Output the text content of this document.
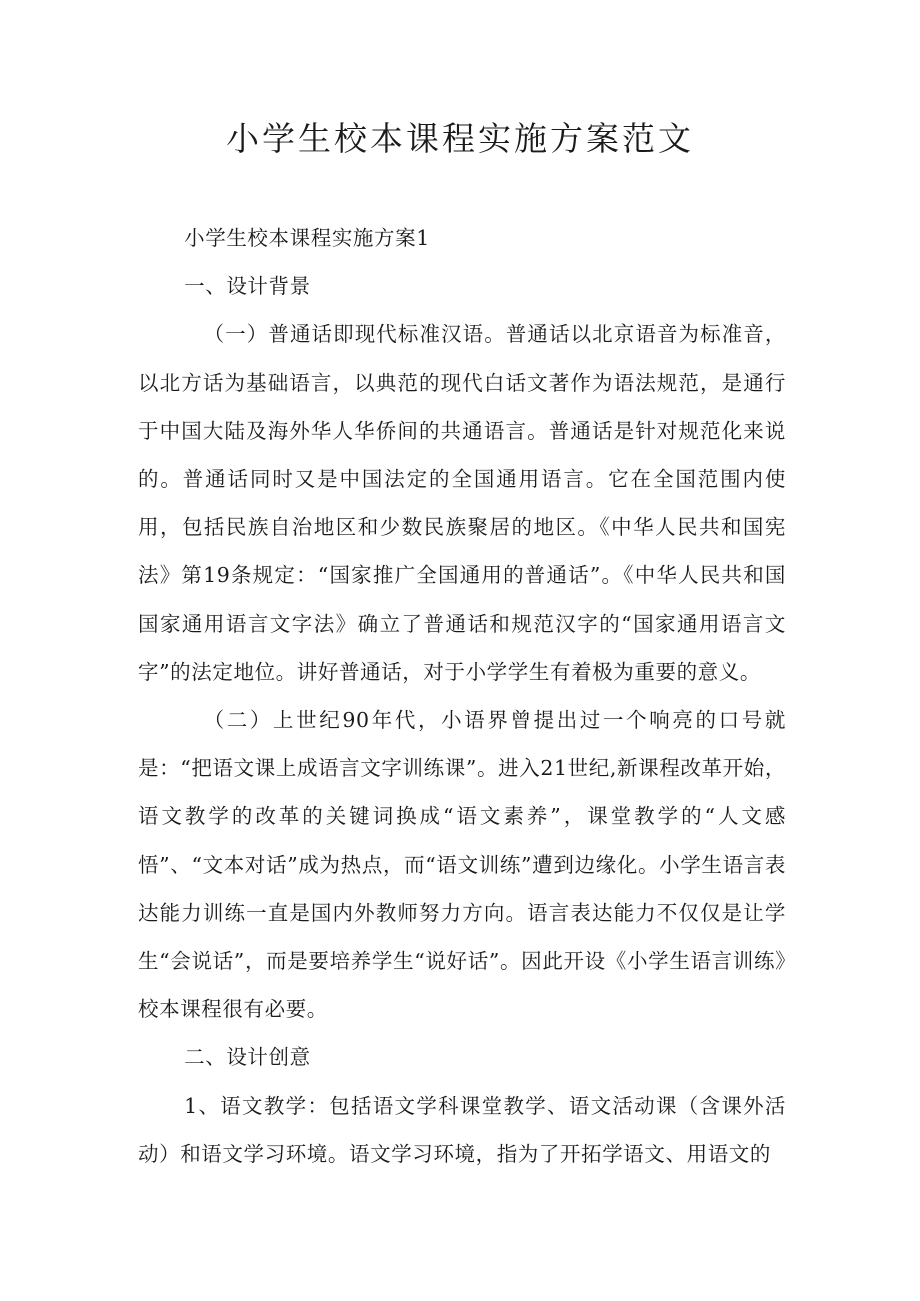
小学生校本课程实施方案范文

小学生校本课程实施方案1

一、设计背景

（一）普通话即现代标准汉语。普通话以北京语音为标准音，以北方话为基础语言，以典范的现代白话文著作为语法规范，是通行于中国大陆及海外华人华侨间的共通语言。普通话是针对规范化来说的。普通话同时又是中国法定的全国通用语言。它在全国范围内使用，包括民族自治地区和少数民族聚居的地区。《中华人民共和国宪法》第19条规定：“国家推广全国通用的普通话”。《中华人民共和国国家通用语言文字法》确立了普通话和规范汉字的“国家通用语言文字”的法定地位。讲好普通话，对于小学学生有着极为重要的意义。

（二）上世纪90年代，小语界曾提出过一个响亮的口号就是：“把语文课上成语言文字训练课”。进入21世纪,新课程改革开始，语文教学的改革的关键词换成“语文素养”，课堂教学的“人文感悟”、“文本对话”成为热点，而“语文训练”遭到边缘化。小学生语言表达能力训练一直是国内外教师努力方向。语言表达能力不仅仅是让学生“会说话”，而是要培养学生“说好话”。因此开设《小学生语言训练》校本课程很有必要。

二、设计创意

1、语文教学：包括语文学科课堂教学、语文活动课（含课外活动）和语文学习环境。语文学习环境，指为了开拓学语文、用语文的
